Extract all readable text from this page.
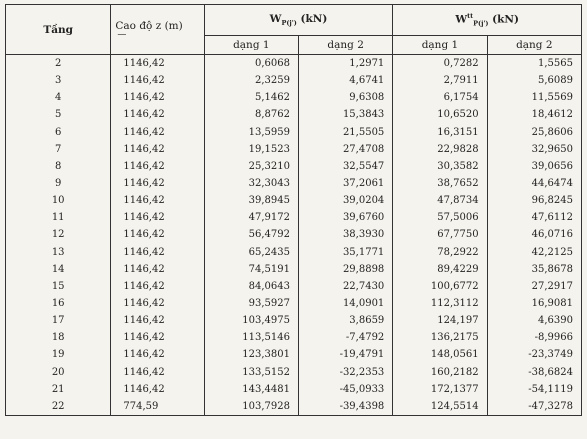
Tầng	Cao độ z (m)
—	$W_{P(j')}$ (kN)		$W^{tt}_{P(j')}$ (kN)	
		dạng 1	dạng 2	dạng 1	dạng 2
2	1146,42	0,6068	1,2971	0,7282	1,5565
3	1146,42	2,3259	4,6741	2,7911	5,6089
4	1146,42	5,1462	9,6308	6,1754	11,5569
5	1146,42	8,8762	15,3843	10,6520	18,4612
6	1146,42	13,5959	21,5505	16,3151	25,8606
7	1146,42	19,1523	27,4708	22,9828	32,9650
8	1146,42	25,3210	32,5547	30,3582	39,0656
9	1146,42	32,3043	37,2061	38,7652	44,6474
10	1146,42	39,8945	39,0204	47,8734	96,8245
11	1146,42	47,9172	39,6760	57,5006	47,6112
12	1146,42	56,4792	38,3930	67,7750	46,0716
13	1146,42	65,2435	35,1771	78,2922	42,2125
14	1146,42	74,5191	29,8898	89,4229	35,8678
15	1146,42	84,0643	22,7430	100,6772	27,2917
16	1146,42	93,5927	14,0901	112,3112	16,9081
17	1146,42	103,4975	3,8659	124,197	4,6390
18	1146,42	113,5146	-7,4792	136,2175	-8,9966
19	1146,42	123,3801	-19,4791	148,0561	-23,3749
20	1146,42	133,5152	-32,2353	160,2182	-38,6824
21	1146,42	143,4481	-45,0933	172,1377	-54,1119
22	774,59	103,7928	-39,4398	124,5514	-47,3278
